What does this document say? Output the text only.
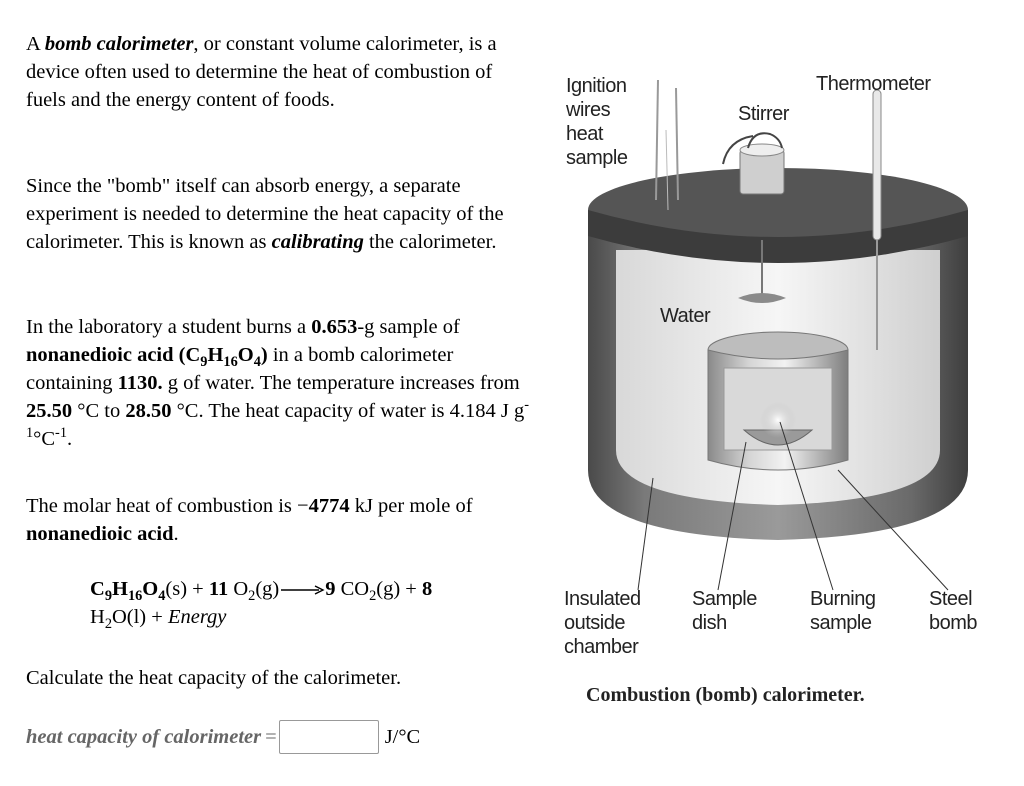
A bomb calorimeter, or constant volume calorimeter, is a device often used to determine the heat of combustion of fuels and the energy content of foods.

Since the "bomb" itself can absorb energy, a separate experiment is needed to determine the heat capacity of the calorimeter. This is known as calibrating the calorimeter.

In the laboratory a student burns a 0.653-g sample of nonanedioic acid $(C_9H_{16}O_4)$ in a bomb calorimeter containing 1130. g of water. The temperature increases from 25.50 °C to 28.50 °C. The heat capacity of water is 4.184 J $g^{-1}^\circ C^{-1}$.

The molar heat of combustion is −4774 kJ per mole of nonanedioic acid.

$C_9H_{16}O_4(s) + 11$ $O_2(g)\to 9$ $CO_2(g) + 8$
$H_2O(l)$ + Energy

Calculate the heat capacity of the calorimeter.

heat capacity of calorimeter =	J/°C
Ignition
wires
heat
sample
Thermometer
Stirrer
Water
Insulated
outside
chamber
Sample
dish
Burning
sample
Steel
bomb
Combustion (bomb) calorimeter.
